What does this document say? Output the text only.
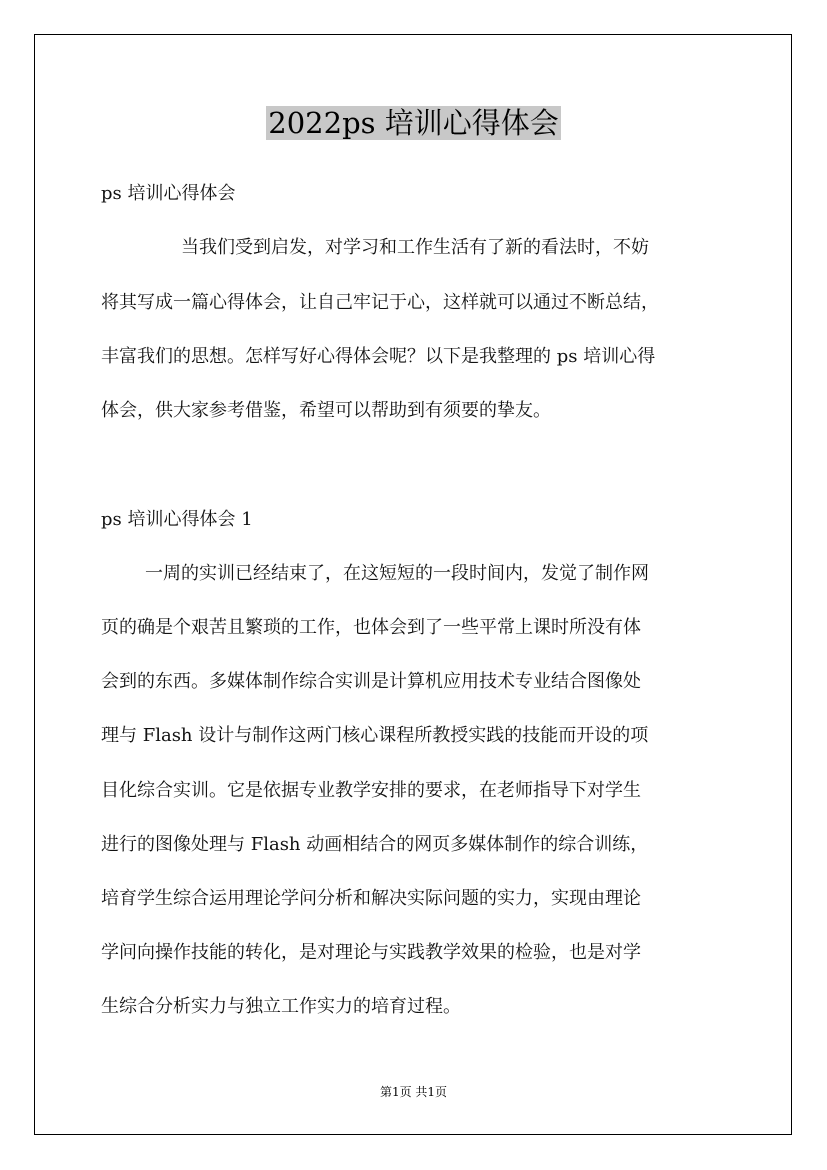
2022ps 培训心得体会
ps 培训心得体会
当我们受到启发，对学习和工作生活有了新的看法时，不妨
将其写成一篇心得体会，让自己牢记于心，这样就可以通过不断总结，
丰富我们的思想。怎样写好心得体会呢？以下是我整理的 ps 培训心得
体会，供大家参考借鉴，希望可以帮助到有须要的挚友。
ps 培训心得体会 1
一周的实训已经结束了，在这短短的一段时间内，发觉了制作网
页的确是个艰苦且繁琐的工作，也体会到了一些平常上课时所没有体
会到的东西。多媒体制作综合实训是计算机应用技术专业结合图像处
理与 Flash 设计与制作这两门核心课程所教授实践的技能而开设的项
目化综合实训。它是依据专业教学安排的要求，在老师指导下对学生
进行的图像处理与 Flash 动画相结合的网页多媒体制作的综合训练，
培育学生综合运用理论学问分析和解决实际问题的实力，实现由理论
学问向操作技能的转化，是对理论与实践教学效果的检验，也是对学
生综合分析实力与独立工作实力的培育过程。
第1页 共1页
